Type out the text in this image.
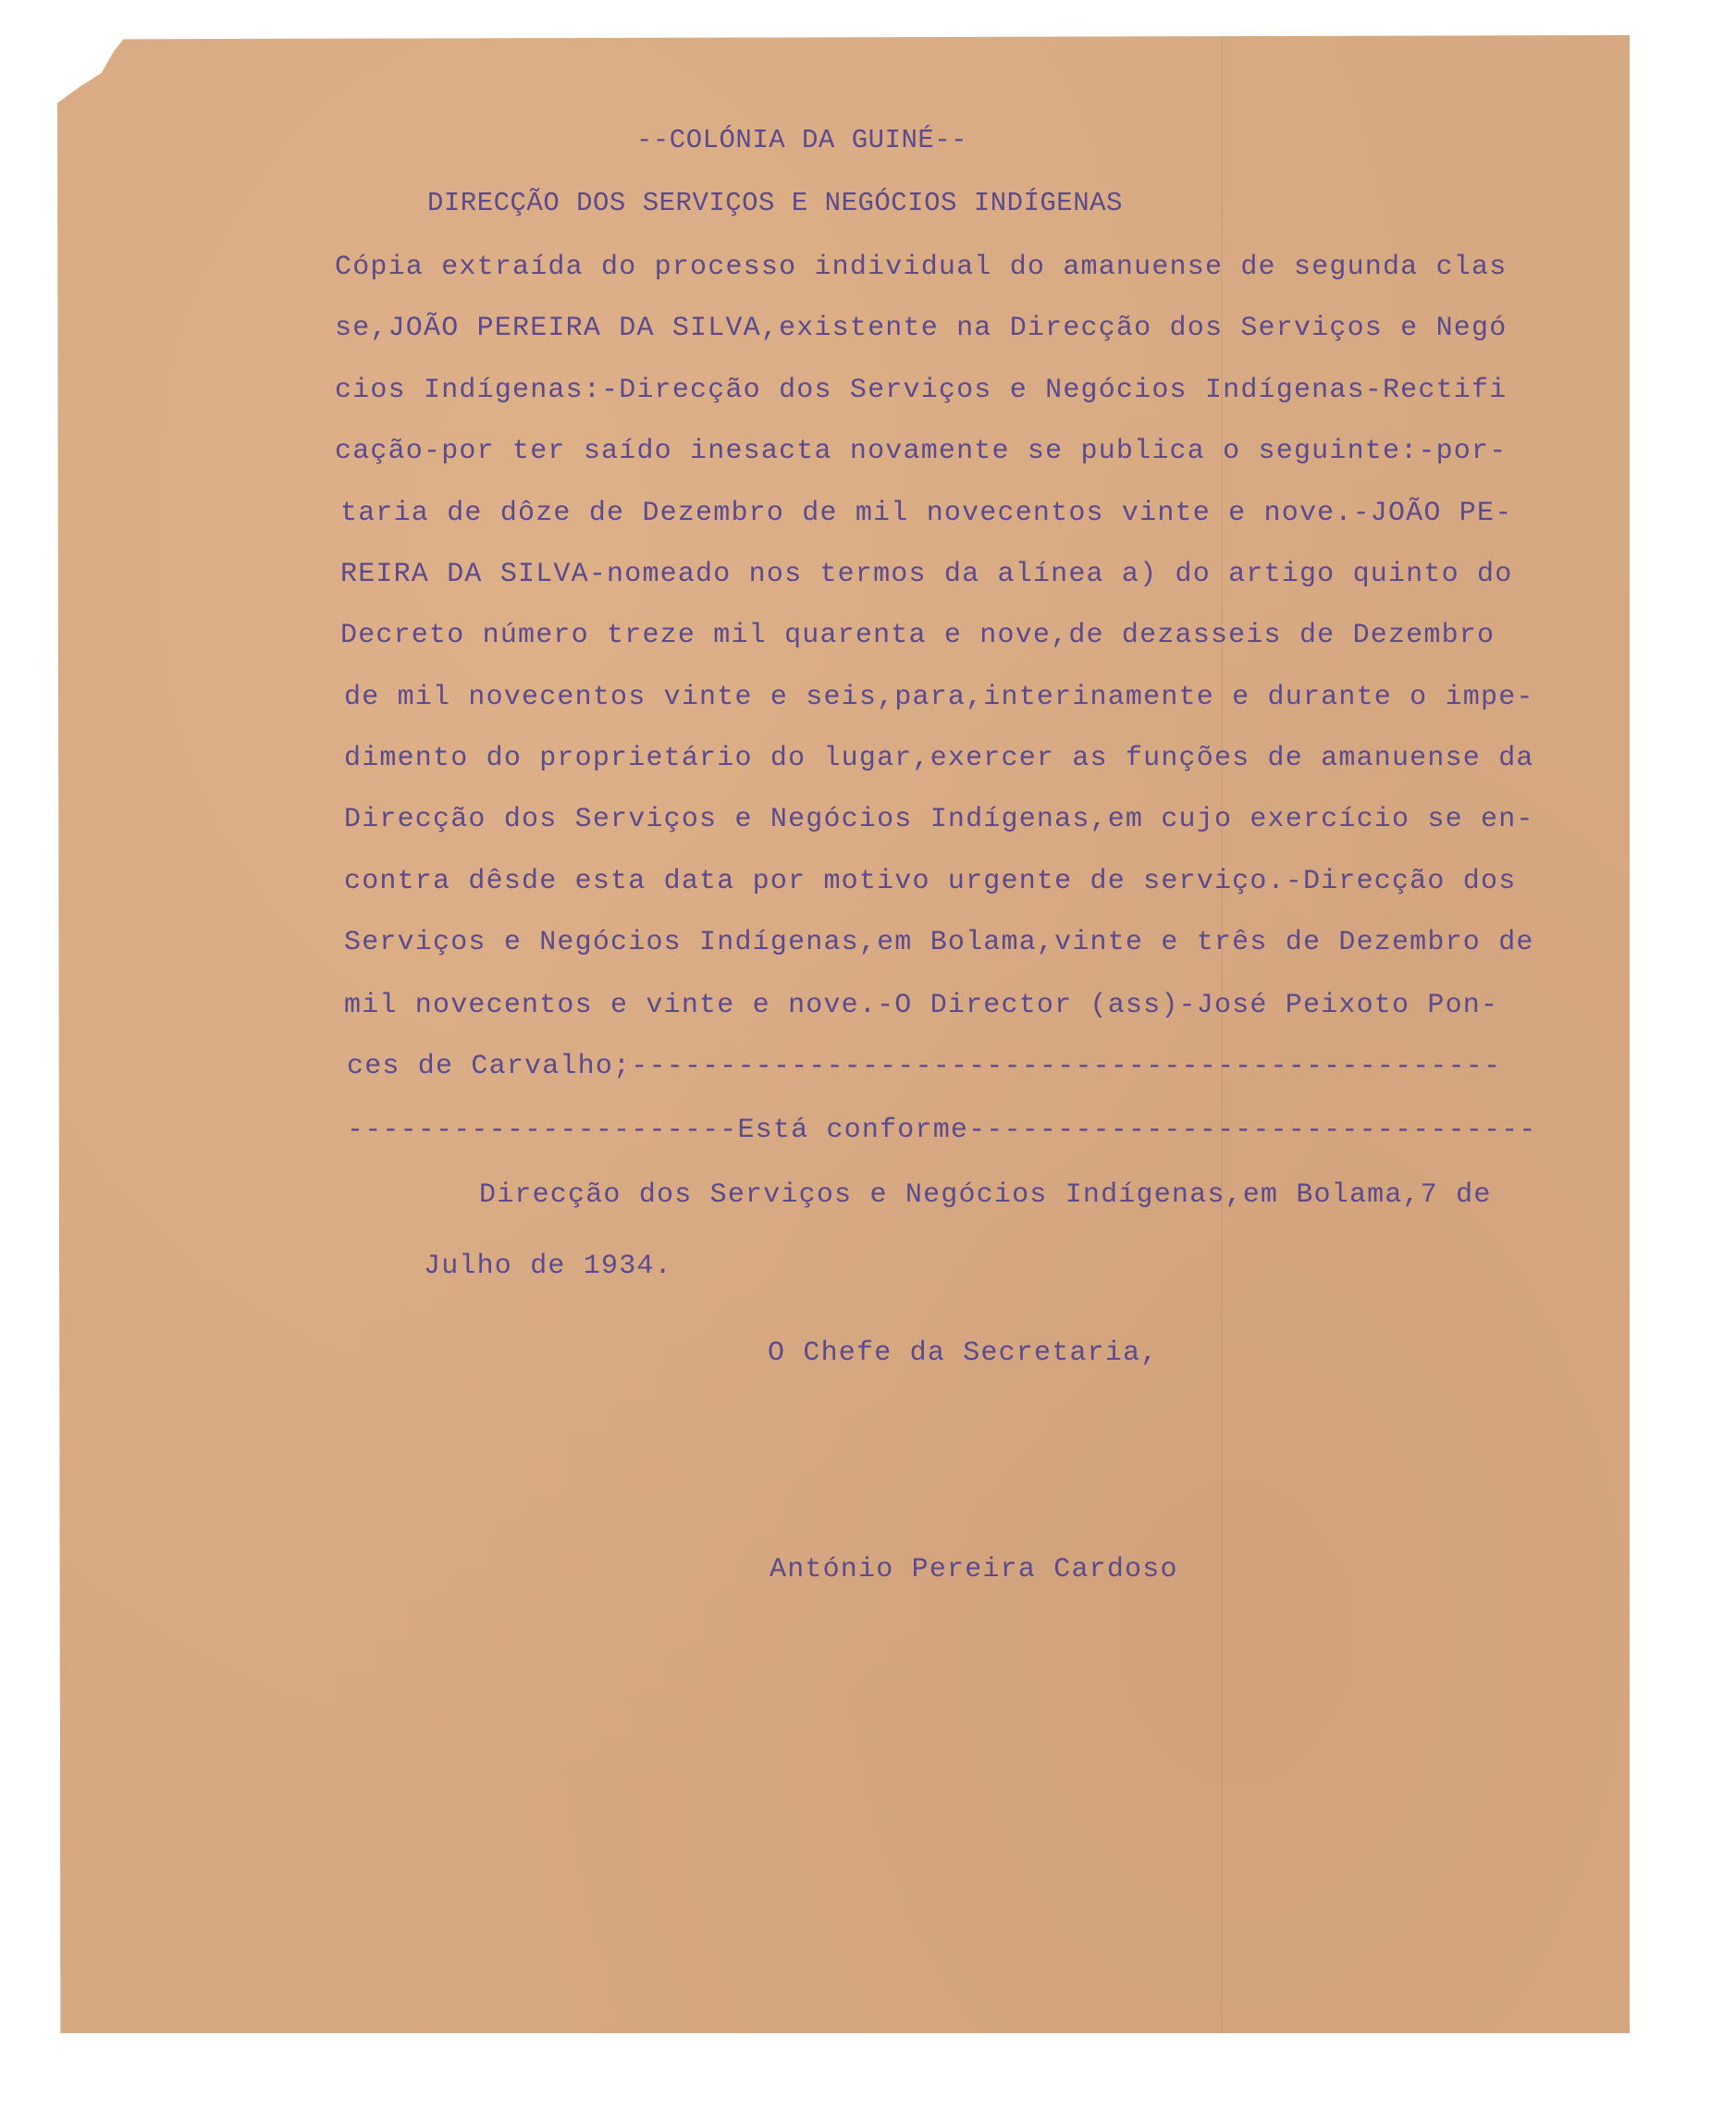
--COLÓNIA DA GUINÉ--
DIRECÇÃO DOS SERVIÇOS E NEGÓCIOS INDÍGENAS
Cópia extraída do processo individual do amanuense de segunda clas
se,JOÃO PEREIRA DA SILVA,existente na Direcção dos Serviços e Negó
cios Indígenas:-Direcção dos Serviços e Negócios Indígenas-Rectifi
cação-por ter saído inesacta novamente se publica o seguinte:-por-
taria de dôze de Dezembro de mil novecentos vinte e nove.-JOÃO PE-
REIRA DA SILVA-nomeado nos termos da alínea a) do artigo quinto do
Decreto número treze mil quarenta e nove,de dezasseis de Dezembro
de mil novecentos vinte e seis,para,interinamente e durante o impe-
dimento do proprietário do lugar,exercer as funções de amanuense da
Direcção dos Serviços e Negócios Indígenas,em cujo exercício se en-
contra dêsde esta data por motivo urgente de serviço.-Direcção dos
Serviços e Negócios Indígenas,em Bolama,vinte e três de Dezembro de
mil novecentos e vinte e nove.-O Director (ass)-José Peixoto Pon-
ces de Carvalho;-------------------------------------------------
----------------------Está conforme--------------------------------
Direcção dos Serviços e Negócios Indígenas,em Bolama,7 de
Julho de 1934.
O Chefe da Secretaria,
António Pereira Cardoso
